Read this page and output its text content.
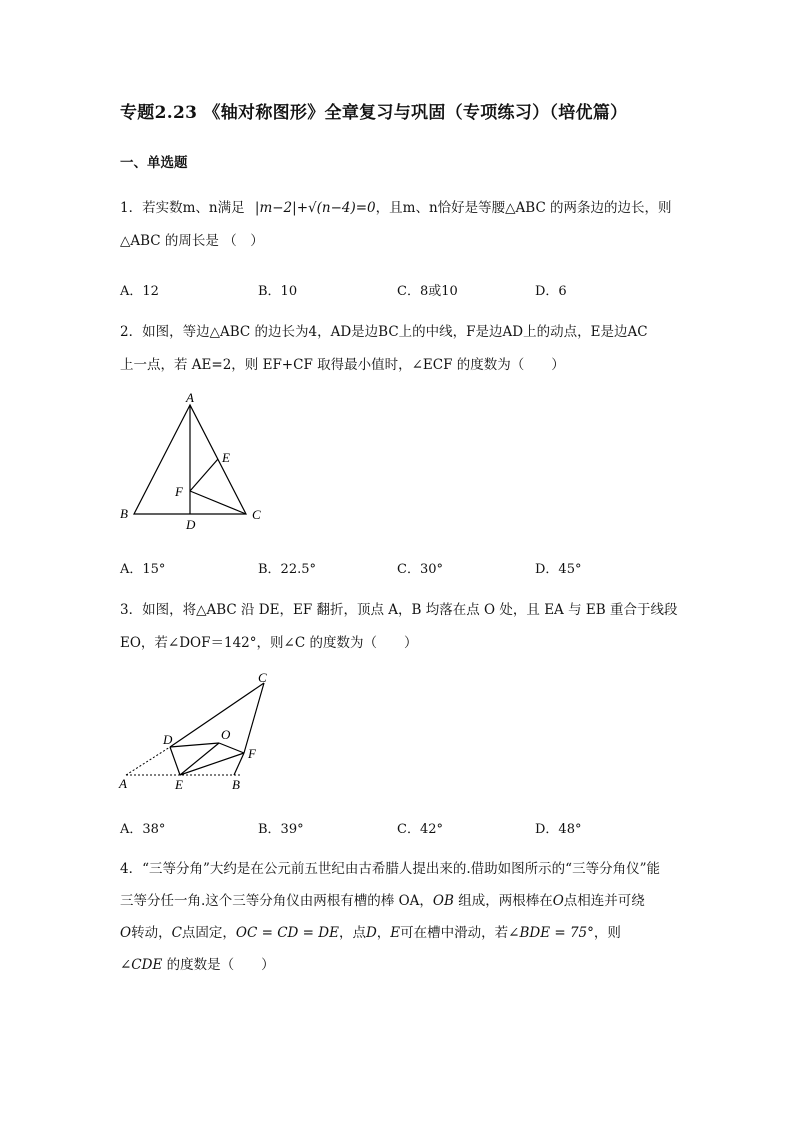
专题2.23 《轴对称图形》全章复习与巩固（专项练习）（培优篇）
一、单选题
1．若实数m、n满足 |m−2|+√(n−4)=0，且m、n恰好是等腰△ABC 的两条边的边长，则
△ABC 的周长是 （　）
A．12	B．10	C．8或10	D．6
2．如图，等边△ABC 的边长为4，AD是边BC上的中线，F是边AD上的动点，E是边AC
上一点，若 AE=2，则 EF+CF 取得最小值时，∠ECF 的度数为（　　）
A
B	C
D
E
F
A．15°	B．22.5°	C．30°	D．45°
3．如图，将△ABC 沿 DE，EF 翻折，顶点 A，B 均落在点 O 处，且 EA 与 EB 重合于线段
EO，若∠DOF＝142°，则∠C 的度数为（　　）
C
D	O
F
A	E	B
A．38°	B．39°	C．42°	D．48°
4．“三等分角”大约是在公元前五世纪由古希腊人提出来的.借助如图所示的“三等分角仪”能
三等分任一角.这个三等分角仪由两根有槽的棒 OA，OB 组成，两根棒在O点相连并可绕
O转动，C点固定，OC = CD = DE，点D，E可在槽中滑动，若∠BDE = 75°，则
∠CDE 的度数是（　　）
